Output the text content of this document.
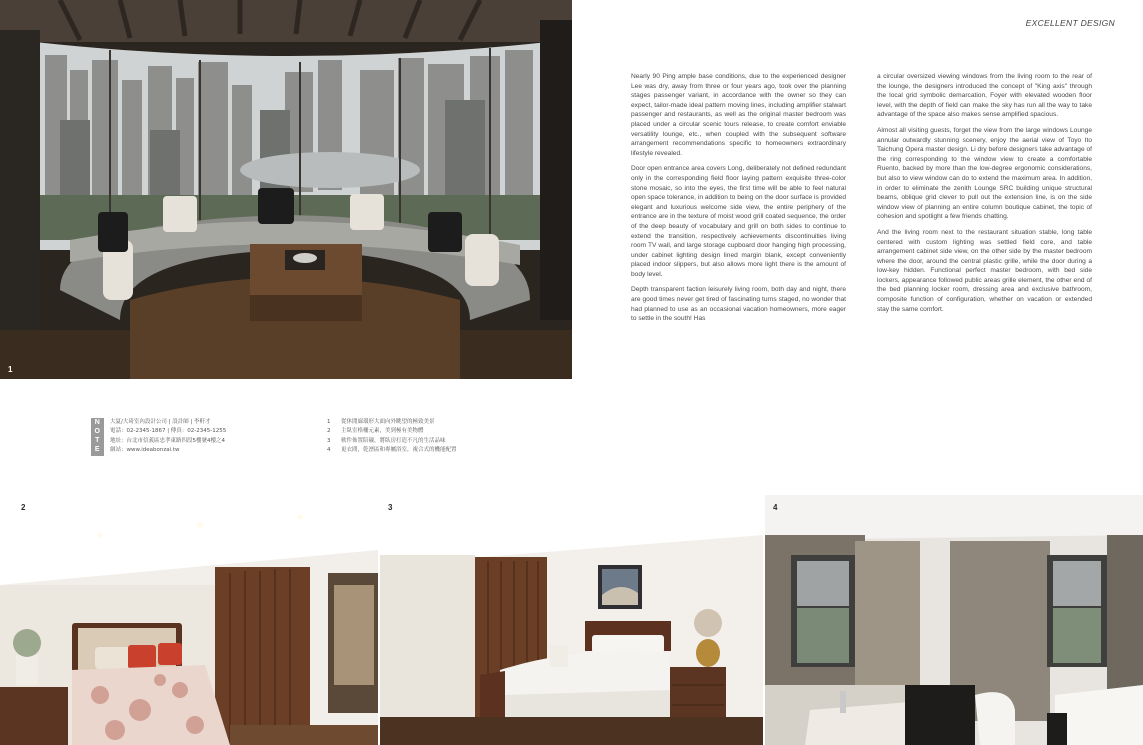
1
EXCELLENT DESIGN

Nearly 90 Ping ample base conditions, due to the experienced designer Lee was dry, away from three or four years ago, took over the planning stages passenger variant, in accordance with the owner so they can expect, tailor-made ideal pattern moving lines, including amplifier stalwart passenger and restaurants, as well as the original master bedroom was placed under a circular scenic tours release, to create comfort enviable versatility lounge, etc., when coupled with the subsequent software arrangement recommendations specific to homeowners extraordinary lifestyle revealed.

Door open entrance area covers Long, deliberately not defined redundant only in the corresponding field floor laying pattern exquisite three-color stone mosaic, so into the eyes, the first time will be able to feel natural open space tolerance, in addition to being on the door surface is provided elegant and luxurious welcome side view, the entire periphery of the entrance are in the texture of moist wood grill coated sequence, the order of the deep beauty of vocabulary and grill on both sides to continue to extend the transition, respectively achievements discontinuities living room TV wall, and large storage cupboard door hanging high processing, under cabinet lighting design lined margin blank, except conveniently placed indoor slippers, but also allows more light there is the amount of body level.

Depth transparent faction leisurely living room, both day and night, there are good times never get tired of fascinating turns staged, no wonder that had planned to use as an occasional vacation homeowners, more eager to settle in the south! Has

a circular oversized viewing windows from the living room to the rear of the lounge, the designers introduced the concept of "King axis" through the local grid symbolic demarcation, Foyer with elevated wooden floor level, with the depth of field can make the sky has run all the way to take advantage of the space also makes sense amplified spacious.

Almost all visiting guests, forget the view from the large windows Lounge annular outwardly stunning scenery, enjoy the aerial view of Toyo Ito Taichung Opera master design. Li dry before designers take advantage of the ring corresponding to the window view to create a comfortable Ruento, backed by more than the low-degree ergonomic considerations, but also to view window can do to extend the maximum area. In addition, in order to eliminate the zenith Lounge SRC building unique structural beams, oblique grid clever to pull out the extension line, is on the side window view of planning an entire column boutique cabinet, the topic of cohesion and spotlight a few friends chatting.

And the living room next to the restaurant situation stable, long table centered with custom lighting was settled field core, and table arrangement cabinet side view, on the other side by the master bedroom where the door, around the central plastic grille, while the door during a low-key hidden. Functional perfect master bedroom, with bed side lockers, appearance followed public areas grille element, the other end of the bed planning locker room, dressing area and exclusive bathroom, composite function of configuration, whether on vacation or extended stay the same comfort.

N
O
T
E
大夏/大琦室內設計公司 | 設計師 | 李軒才
電話：02-2345-1867 | 傳真：02-2345-1255
地址：台北市信義區忠孝東路四段5樓號4樓之4
網站：www.ideabonzai.tw
1 從休閒廊環形大面向外眺望的極致美景
2 主臥室格柵元素，美到極有美物體
3 軟件佈置陪襯，將臥房打造不凡的生活品味
4 更衣間，乾溼區和專屬浴室，複合式的機能配置
2	3	4
